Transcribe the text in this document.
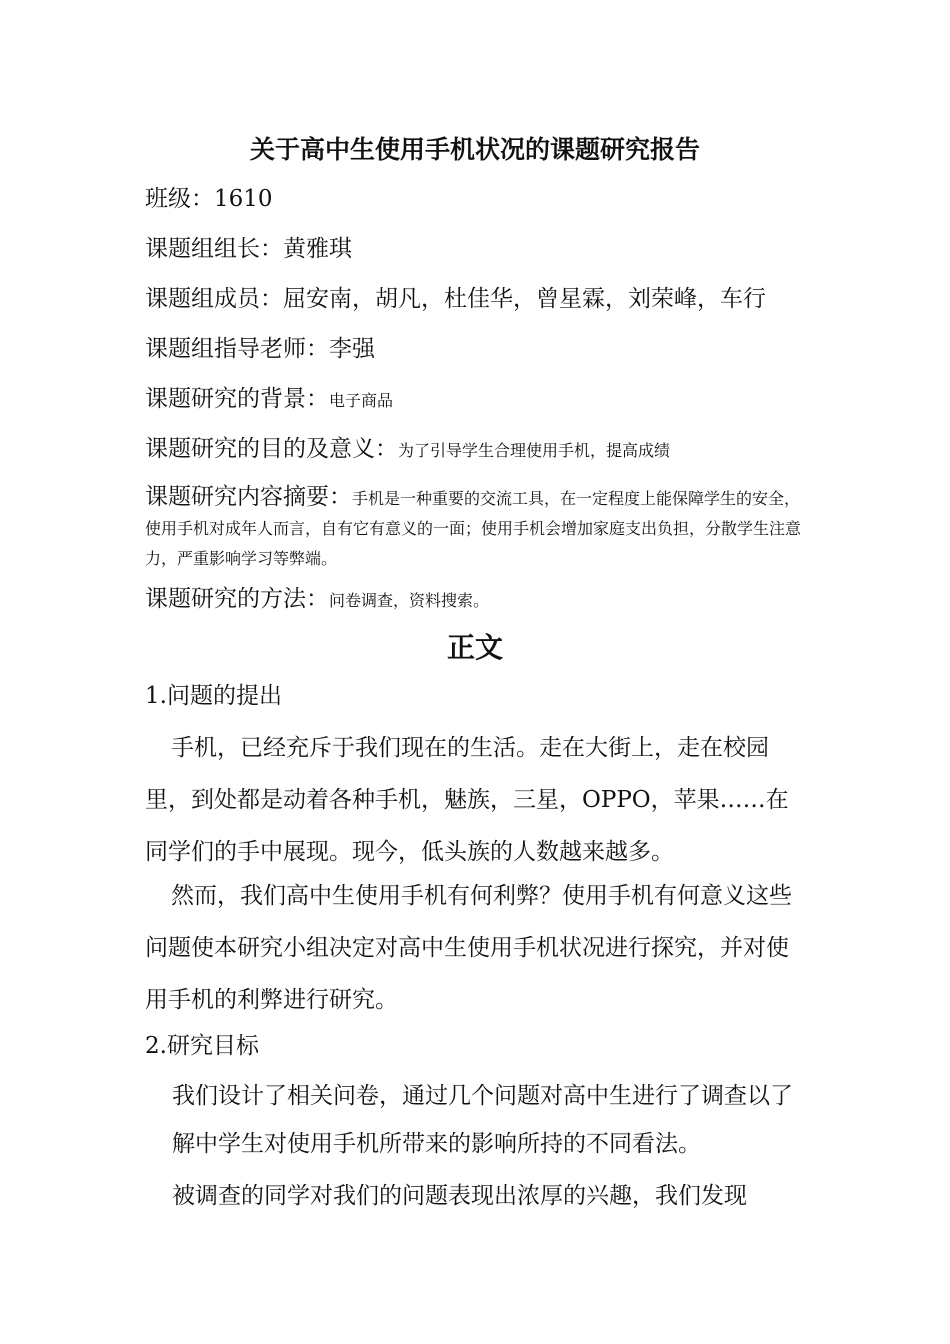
关于高中生使用手机状况的课题研究报告
班级：1610
课题组组长：黄雅琪
课题组成员：屈安南，胡凡，杜佳华，曾星霖，刘荣峰，车行
课题组指导老师：李强
课题研究的背景：电子商品
课题研究的目的及意义：为了引导学生合理使用手机，提高成绩
课题研究内容摘要：手机是一种重要的交流工具，在一定程度上能保障学生的安全，使用手机对成年人而言，自有它有意义的一面；使用手机会增加家庭支出负担，分散学生注意力，严重影响学习等弊端。
课题研究的方法：问卷调查，资料搜索。
正文
1.问题的提出
手机，已经充斥于我们现在的生活。走在大街上，走在校园里，到处都是动着各种手机，魅族，三星，OPPO，苹果……在同学们的手中展现。现今，低头族的人数越来越多。
然而，我们高中生使用手机有何利弊？使用手机有何意义这些问题使本研究小组决定对高中生使用手机状况进行探究，并对使用手机的利弊进行研究。
2.研究目标
我们设计了相关问卷，通过几个问题对高中生进行了调查以了解中学生对使用手机所带来的影响所持的不同看法。
被调查的同学对我们的问题表现出浓厚的兴趣，我们发现
